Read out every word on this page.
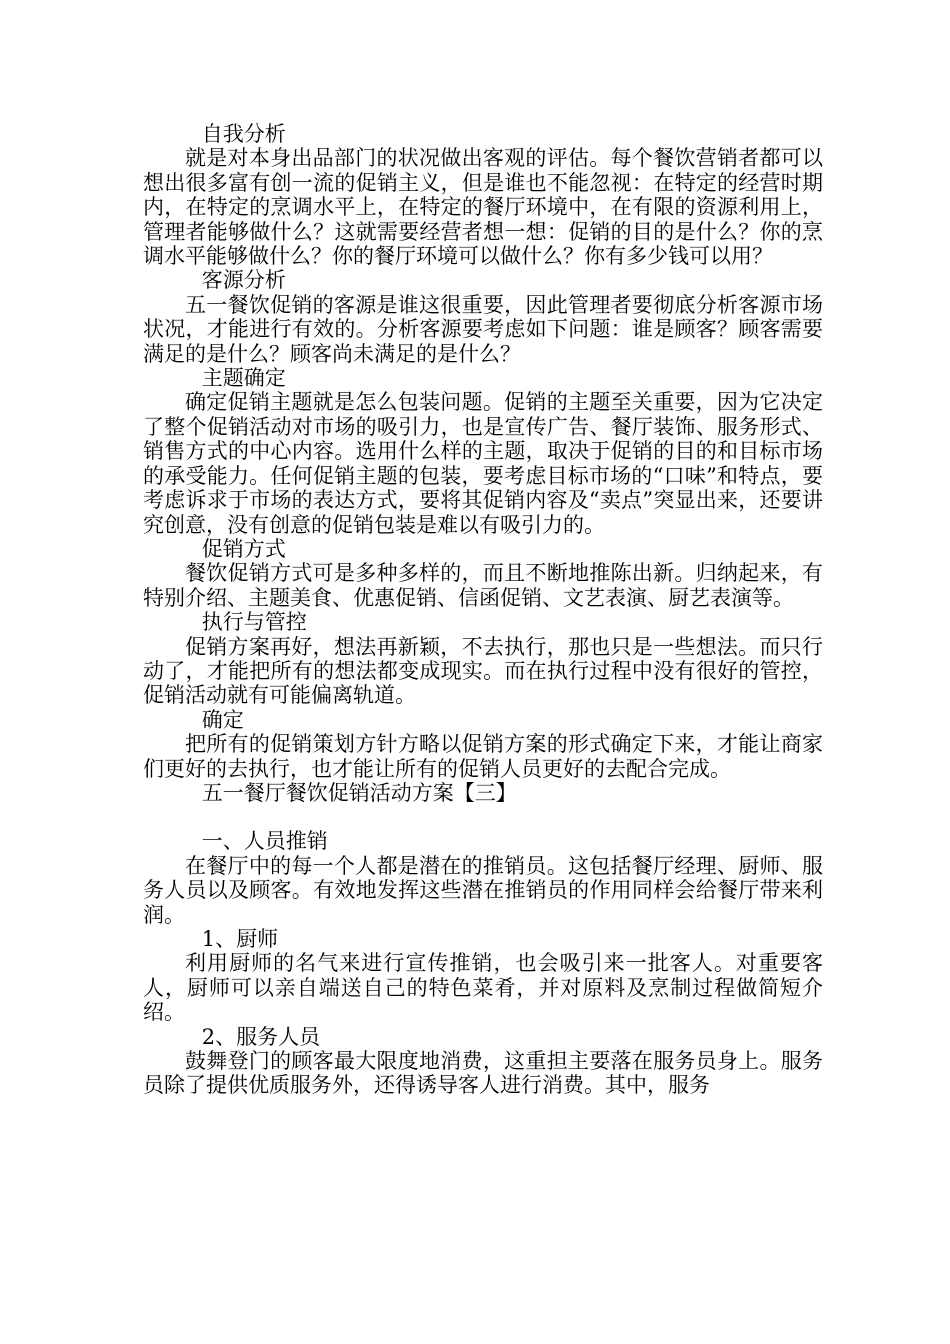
自我分析

就是对本身出品部门的状况做出客观的评估。每个餐饮营销者都可以想出很多富有创一流的促销主义，但是谁也不能忽视：在特定的经营时期内，在特定的烹调水平上，在特定的餐厅环境中，在有限的资源利用上，管理者能够做什么？这就需要经营者想一想：促销的目的是什么？你的烹调水平能够做什么？你的餐厅环境可以做什么？你有多少钱可以用？

客源分析

五一餐饮促销的客源是谁这很重要，因此管理者要彻底分析客源市场状况，才能进行有效的。分析客源要考虑如下问题：谁是顾客？顾客需要满足的是什么？顾客尚未满足的是什么？

主题确定

确定促销主题就是怎么包装问题。促销的主题至关重要，因为它决定了整个促销活动对市场的吸引力，也是宣传广告、餐厅装饰、服务形式、销售方式的中心内容。选用什么样的主题，取决于促销的目的和目标市场的承受能力。任何促销主题的包装，要考虑目标市场的“口味”和特点，要考虑诉求于市场的表达方式，要将其促销内容及“卖点”突显出来，还要讲究创意，没有创意的促销包装是难以有吸引力的。

促销方式

餐饮促销方式可是多种多样的，而且不断地推陈出新。归纳起来，有特别介绍、主题美食、优惠促销、信函促销、文艺表演、厨艺表演等。

执行与管控

促销方案再好，想法再新颖，不去执行，那也只是一些想法。而只行动了，才能把所有的想法都变成现实。而在执行过程中没有很好的管控，促销活动就有可能偏离轨道。

确定

把所有的促销策划方针方略以促销方案的形式确定下来，才能让商家们更好的去执行，也才能让所有的促销人员更好的去配合完成。

五一餐厅餐饮促销活动方案【三】

一、人员推销

在餐厅中的每一个人都是潜在的推销员。这包括餐厅经理、厨师、服务人员以及顾客。有效地发挥这些潜在推销员的作用同样会给餐厅带来利润。

1、厨师

利用厨师的名气来进行宣传推销，也会吸引来一批客人。对重要客人，厨师可以亲自端送自己的特色菜肴，并对原料及烹制过程做简短介绍。

2、服务人员

鼓舞登门的顾客最大限度地消费，这重担主要落在服务员身上。服务员除了提供优质服务外，还得诱导客人进行消费。其中，服务
